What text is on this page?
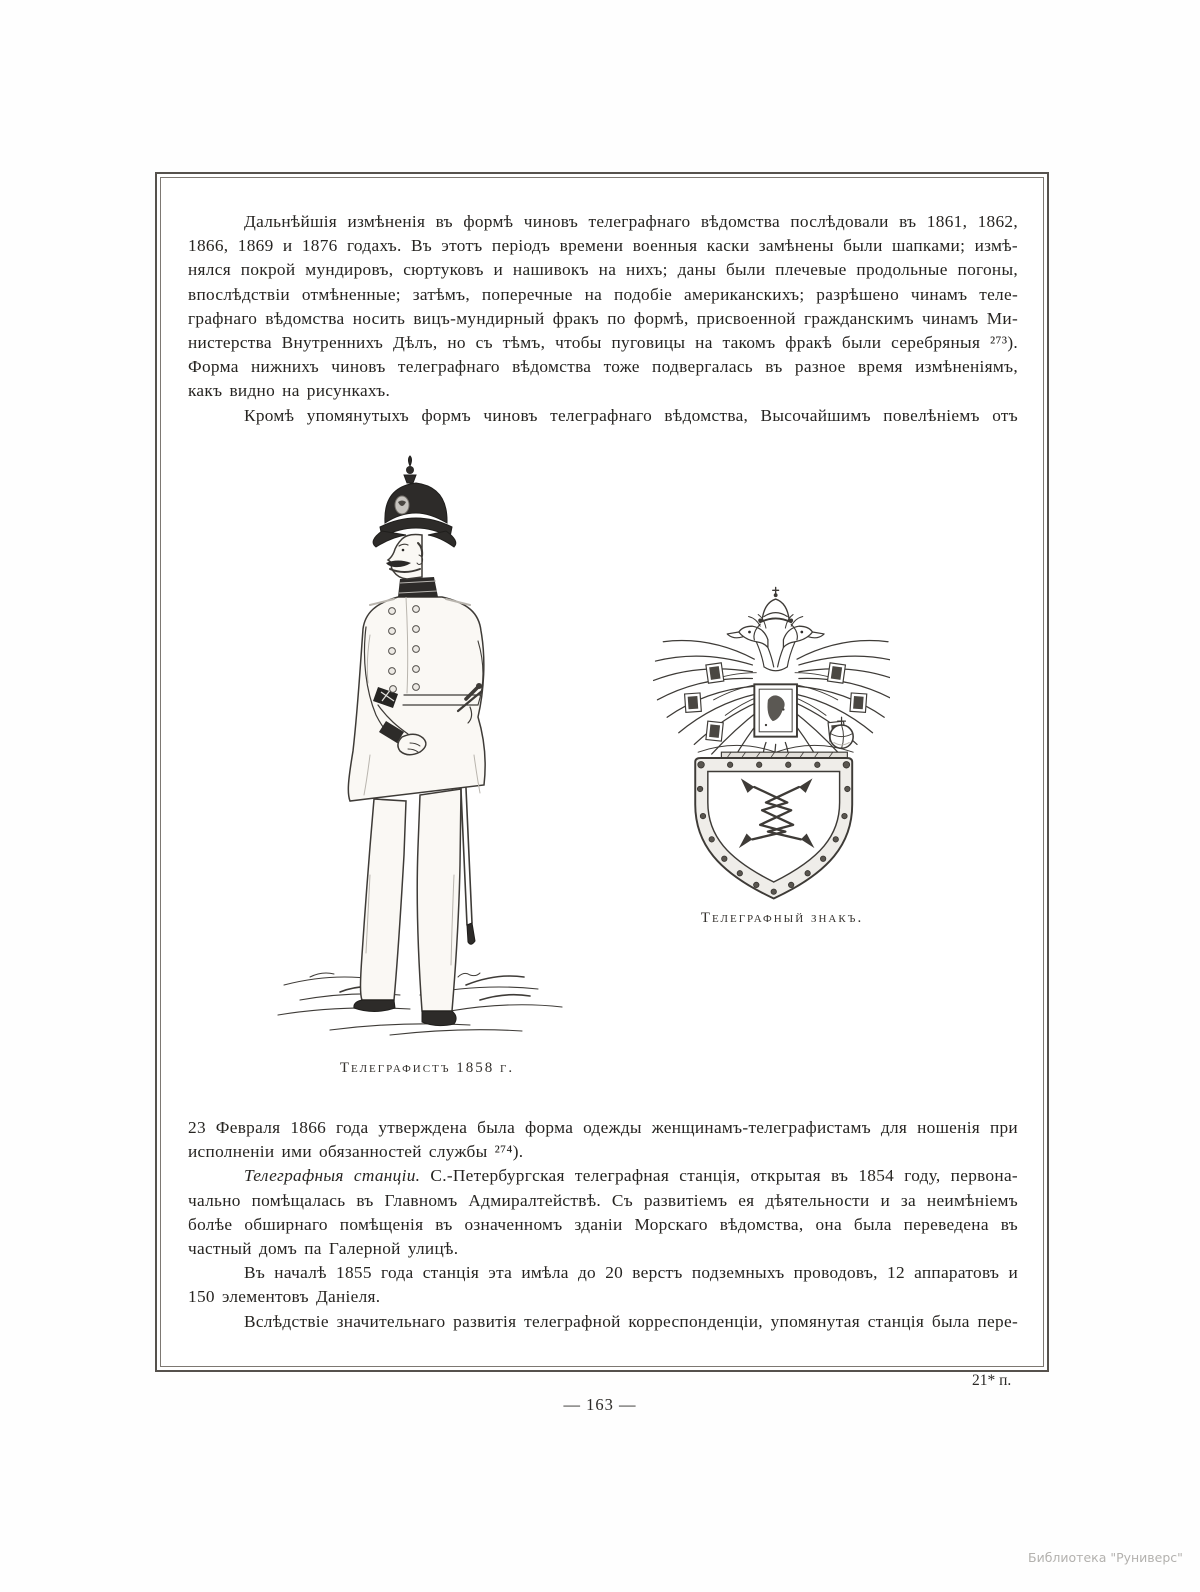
Дальнѣйшія измѣненія въ формѣ чиновъ телеграфнаго вѣдомства послѣдовали въ 1861, 1862,
1866, 1869 и 1876 годахъ. Въ этотъ періодъ времени военныя каски замѣнены были шапками; измѣ-
нялся покрой мундировъ, сюртуковъ и нашивокъ на нихъ; даны были плечевые продольные погоны,
впослѣдствіи отмѣненные; затѣмъ, поперечные на подобіе американскихъ; разрѣшено чинамъ теле-
графнаго вѣдомства носить вицъ-мундирный фракъ по формѣ, присвоенной гражданскимъ чинамъ Ми-
нистерства Внутреннихъ Дѣлъ, но съ тѣмъ, чтобы пуговицы на такомъ фракѣ были серебряныя ²⁷³).
Форма нижнихъ чиновъ телеграфнаго вѣдомства тоже подвергалась въ разное время измѣненіямъ,
какъ видно на рисункахъ.
Кромѣ упомянутыхъ формъ чиновъ телеграфнаго вѣдомства, Высочайшимъ повелѣніемъ отъ
Телеграфистъ 1858 г.
Телеграфный знакъ.
23 Февраля 1866 года утверждена была форма одежды женщинамъ-телеграфистамъ для ношенія при
исполненіи ими обязанностей службы ²⁷⁴).
Телеграфныя станціи. С.-Петербургская телеграфная станція, открытая въ 1854 году, первона-
чально помѣщалась въ Главномъ Адмиралтействѣ. Съ развитіемъ ея дѣятельности и за неимѣніемъ
болѣе обширнаго помѣщенія въ означенномъ зданіи Морскаго вѣдомства, она была переведена въ
частный домъ па Галерной улицѣ.
Въ началѣ 1855 года станція эта имѣла до 20 верстъ подземныхъ проводовъ, 12 аппаратовъ и
150 элементовъ Даніеля.
Вслѣдствіе значительнаго развитія телеграфной корреспонденціи, упомянутая станція была пере-
21* п.
— 163 —
Библиотека "Руниверс"
